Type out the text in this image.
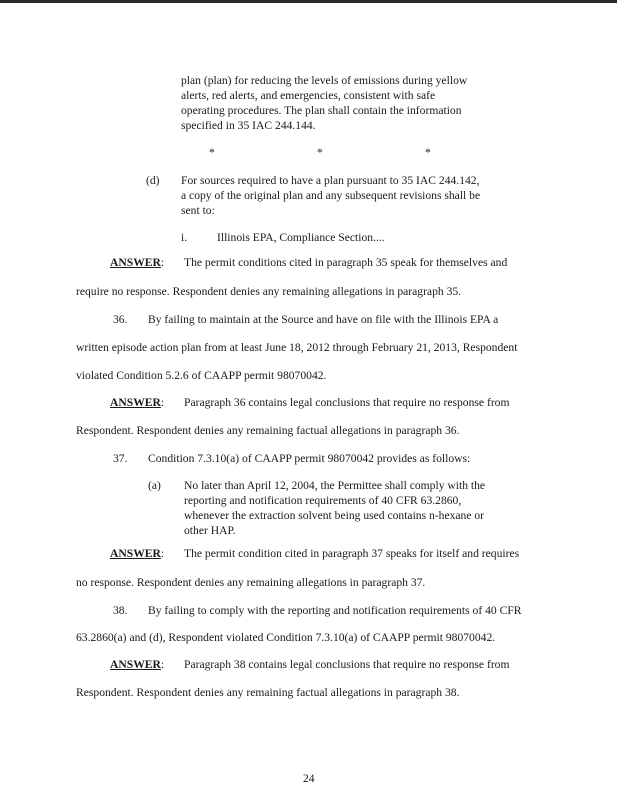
plan (plan) for reducing the levels of emissions during yellow
alerts, red alerts, and emergencies, consistent with safe
operating procedures. The plan shall contain the information
specified in 35 IAC 244.144.
*	*	*
(d) For sources required to have a plan pursuant to 35 IAC 244.142,
a copy of the original plan and any subsequent revisions shall be
sent to:
i.	Illinois EPA, Compliance Section....
ANSWER: The permit conditions cited in paragraph 35 speak for themselves and
require no response. Respondent denies any remaining allegations in paragraph 35.
36. By failing to maintain at the Source and have on file with the Illinois EPA a
written episode action plan from at least June 18, 2012 through February 21, 2013, Respondent
violated Condition 5.2.6 of CAAPP permit 98070042.
ANSWER: Paragraph 36 contains legal conclusions that require no response from
Respondent. Respondent denies any remaining factual allegations in paragraph 36.
37. Condition 7.3.10(a) of CAAPP permit 98070042 provides as follows:
(a) No later than April 12, 2004, the Permittee shall comply with the
reporting and notification requirements of 40 CFR 63.2860,
whenever the extraction solvent being used contains n-hexane or
other HAP.
ANSWER: The permit condition cited in paragraph 37 speaks for itself and requires
no response. Respondent denies any remaining allegations in paragraph 37.
38. By failing to comply with the reporting and notification requirements of 40 CFR
63.2860(a) and (d), Respondent violated Condition 7.3.10(a) of CAAPP permit 98070042.
ANSWER: Paragraph 38 contains legal conclusions that require no response from
Respondent. Respondent denies any remaining factual allegations in paragraph 38.
24
